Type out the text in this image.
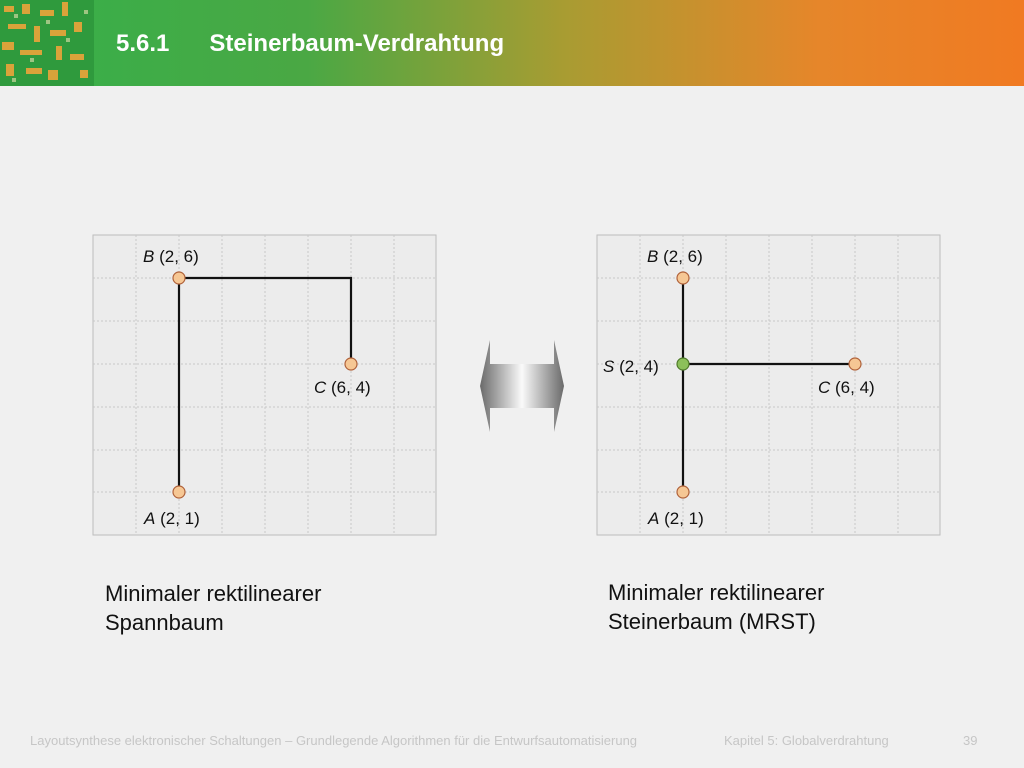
5.6.1 Steinerbaum-Verdrahtung
B (2, 6)
C (6, 4)
A (2, 1)
B (2, 6)
S (2, 4)
C (6, 4)
A (2, 1)
Minimaler rektilinearer
Spannbaum
Minimaler rektilinearer
Steinerbaum (MRST)
Layoutsynthese elektronischer Schaltungen – Grundlegende Algorithmen für die Entwurfsautomatisierung	Kapitel 5: Globalverdrahtung	39
